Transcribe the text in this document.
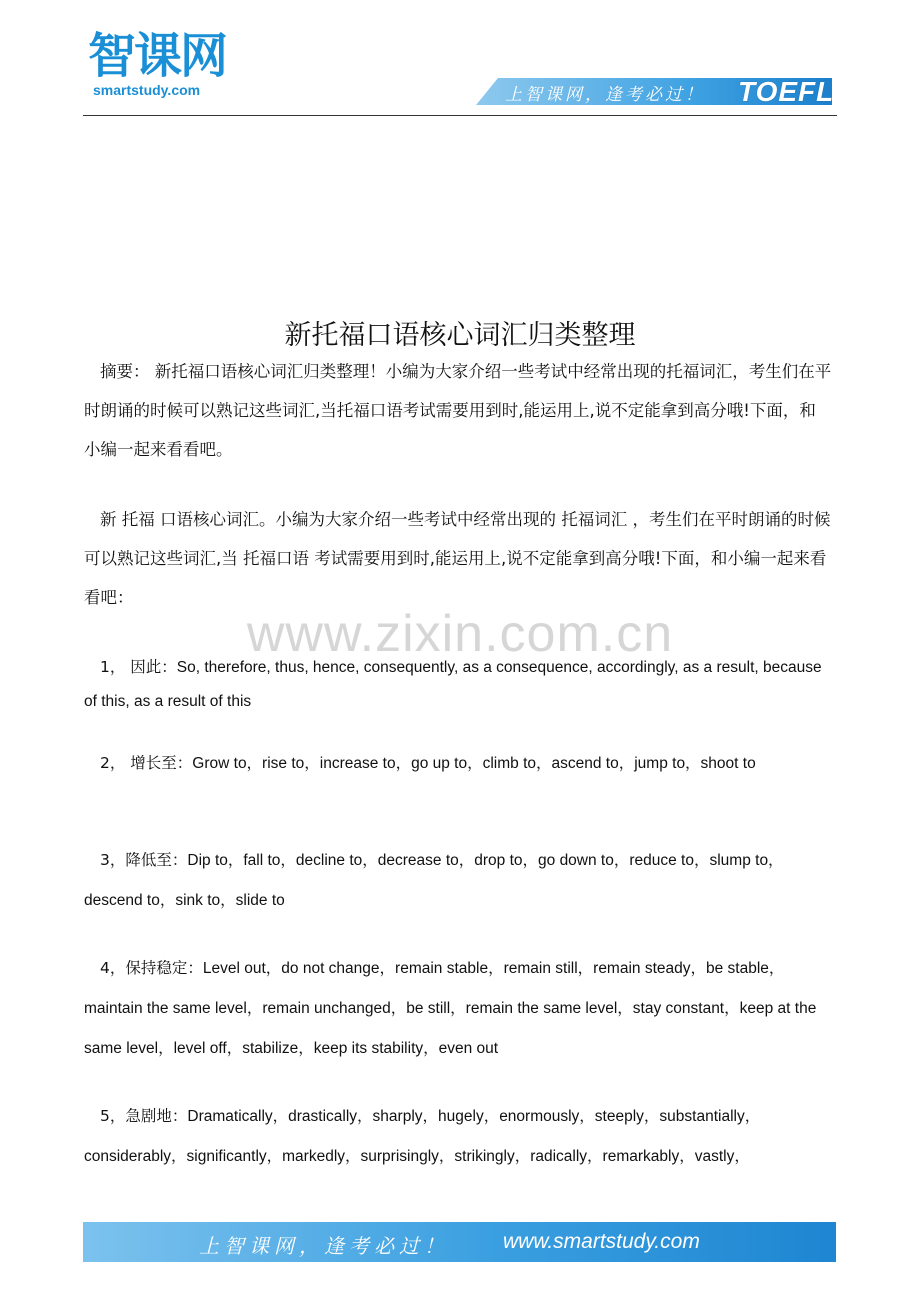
智课网
smartstudy.com	上智课网，逢考必过！ TOEFL
新托福口语核心词汇归类整理
摘要： 新托福口语核心词汇归类整理！小编为大家介绍一些考试中经常出现的托福词汇，考生们在平时朗诵的时候可以熟记这些词汇,当托福口语考试需要用到时,能运用上,说不定能拿到高分哦!下面，和小编一起来看看吧。
新 托福 口语核心词汇。小编为大家介绍一些考试中经常出现的 托福词汇 ，考生们在平时朗诵的时候可以熟记这些词汇,当 托福口语 考试需要用到时,能运用上,说不定能拿到高分哦!下面，和小编一起来看看吧：
www.zixin.com.cn
1， 因此：So, therefore, thus, hence, consequently, as a consequence, accordingly, as a result, because of this, as a result of this
2， 增长至：Grow to，rise to，increase to，go up to，climb to，ascend to，jump to，shoot to
3，降低至：Dip to，fall to，decline to，decrease to，drop to，go down to，reduce to，slump to，descend to，sink to，slide to
4，保持稳定：Level out，do not change，remain stable，remain still，remain steady，be stable，maintain the same level，remain unchanged，be still，remain the same level，stay constant，keep at the same level，level off，stabilize，keep its stability，even out
5，急剧地：Dramatically，drastically，sharply，hugely，enormously，steeply，substantially，considerably，significantly，markedly，surprisingly，strikingly，radically，remarkably，vastly，
上智课网，逢考必过！	www.smartstudy.com
